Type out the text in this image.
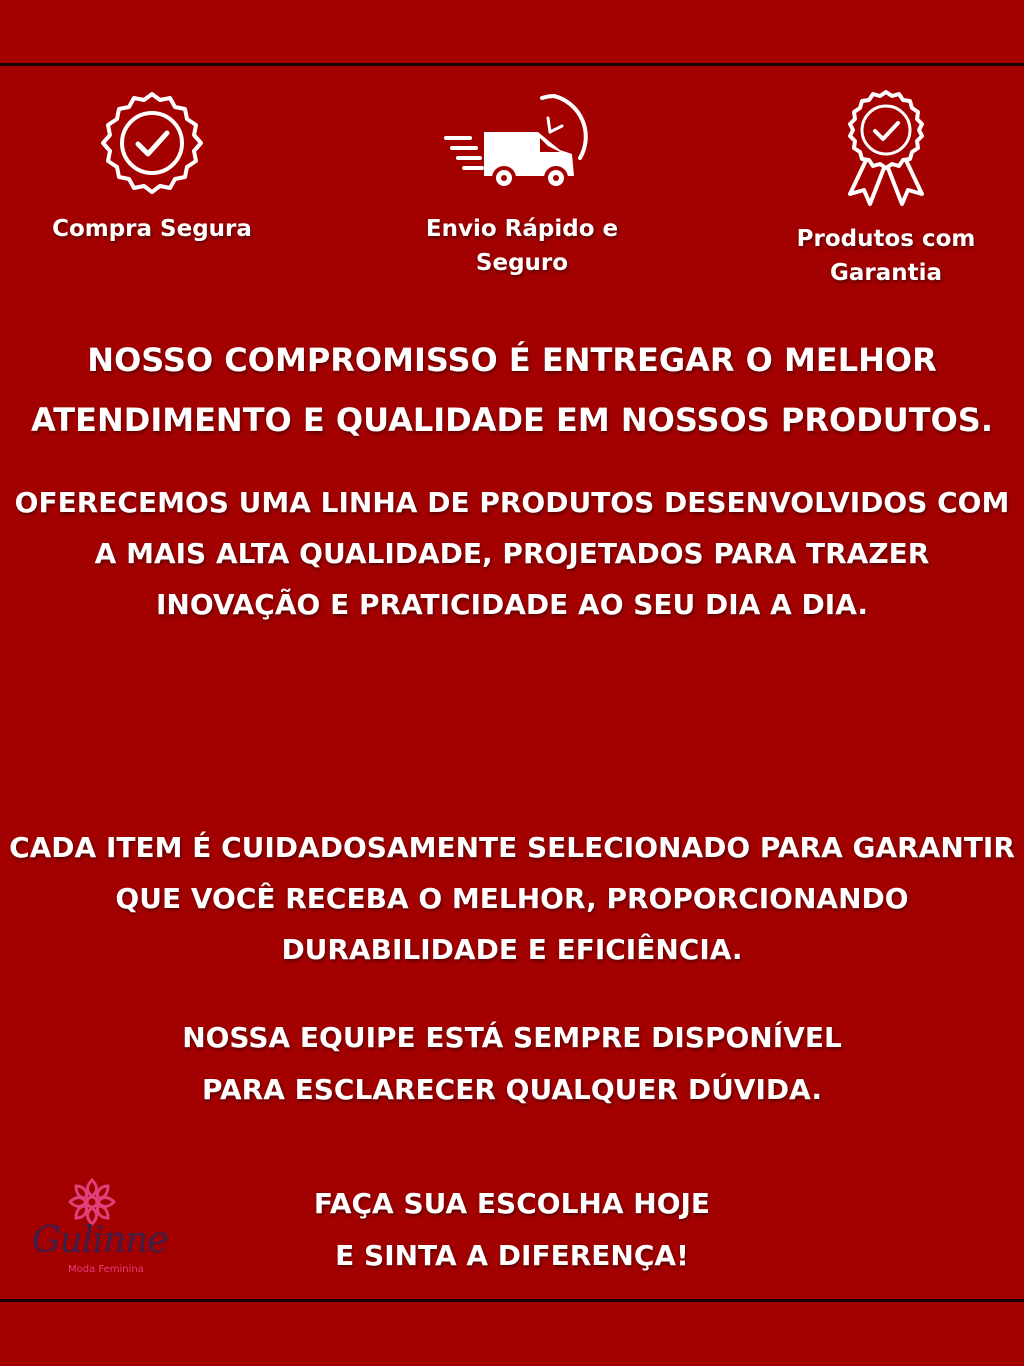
Compra Segura	Envio Rápido e
Seguro
Produtos com
Garantia
NOSSO COMPROMISSO É ENTREGAR O MELHOR
ATENDIMENTO E QUALIDADE EM NOSSOS PRODUTOS.
OFERECEMOS UMA LINHA DE PRODUTOS DESENVOLVIDOS COM
A MAIS ALTA QUALIDADE, PROJETADOS PARA TRAZER
INOVAÇÃO E PRATICIDADE AO SEU DIA A DIA.
CADA ITEM É CUIDADOSAMENTE SELECIONADO PARA GARANTIR
QUE VOCÊ RECEBA O MELHOR, PROPORCIONANDO
DURABILIDADE E EFICIÊNCIA.
NOSSA EQUIPE ESTÁ SEMPRE DISPONÍVEL
PARA ESCLARECER QUALQUER DÚVIDA.
FAÇA SUA ESCOLHA HOJE
E SINTA A DIFERENÇA!
Gulinne
Moda Feminina
